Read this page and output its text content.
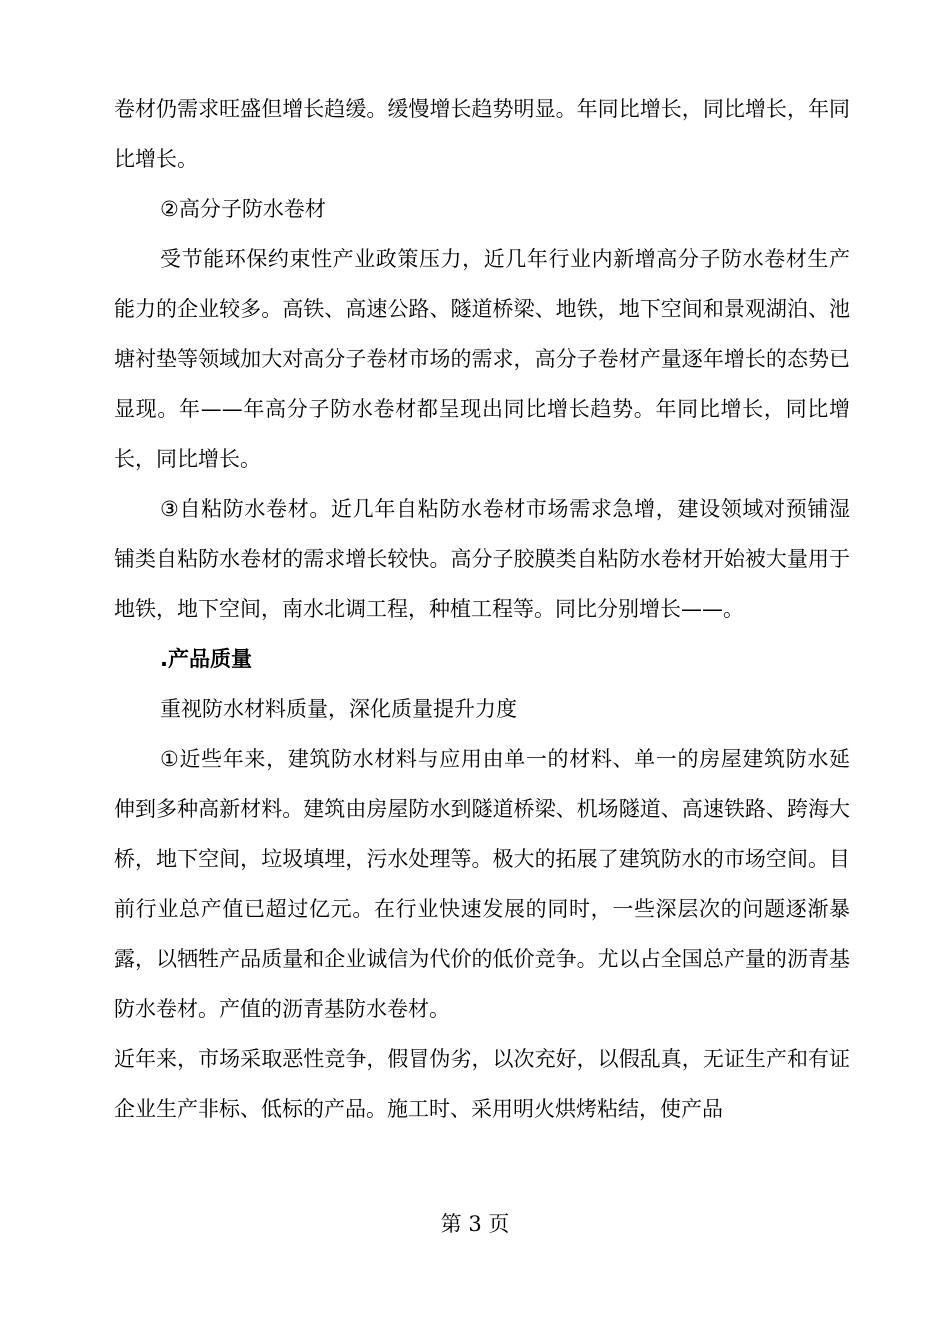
卷材仍需求旺盛但增长趋缓。缓慢增长趋势明显。年同比增长，同比增长，年同比增长。

②高分子防水卷材

受节能环保约束性产业政策压力，近几年行业内新增高分子防水卷材生产能力的企业较多。高铁、高速公路、隧道桥梁、地铁，地下空间和景观湖泊、池塘衬垫等领域加大对高分子卷材市场的需求，高分子卷材产量逐年增长的态势已显现。年——年高分子防水卷材都呈现出同比增长趋势。年同比增长，同比增长，同比增长。

③自粘防水卷材。近几年自粘防水卷材市场需求急增，建设领域对预铺湿铺类自粘防水卷材的需求增长较快。高分子胶膜类自粘防水卷材开始被大量用于地铁，地下空间，南水北调工程，种植工程等。同比分别增长——。

.产品质量

重视防水材料质量，深化质量提升力度

①近些年来，建筑防水材料与应用由单一的材料、单一的房屋建筑防水延伸到多种高新材料。建筑由房屋防水到隧道桥梁、机场隧道、高速铁路、跨海大桥，地下空间，垃圾填埋，污水处理等。极大的拓展了建筑防水的市场空间。目前行业总产值已超过亿元。在行业快速发展的同时，一些深层次的问题逐渐暴露，以牺牲产品质量和企业诚信为代价的低价竞争。尤以占全国总产量的沥青基防水卷材。产值的沥青基防水卷材。

近年来，市场采取恶性竞争，假冒伪劣，以次充好，以假乱真，无证生产和有证企业生产非标、低标的产品。施工时、采用明火烘烤粘结，使产品

第 3 页
